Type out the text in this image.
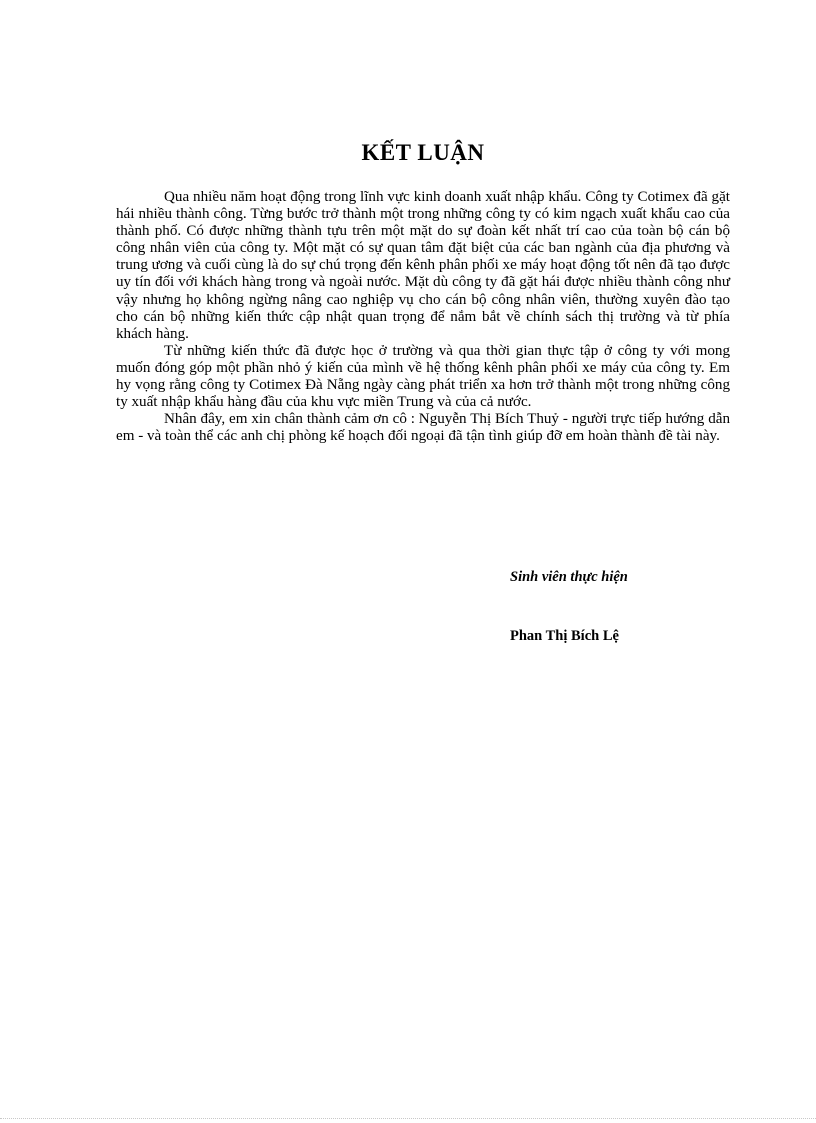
KẾT LUẬN

Qua nhiều năm hoạt động trong lĩnh vực kinh doanh xuất nhập khẩu. Công ty Cotimex đã gặt hái nhiều thành công. Từng bước trở thành một trong những công ty có kim ngạch xuất khẩu cao của thành phố. Có được những thành tựu trên một mặt do sự đoàn kết nhất trí cao của toàn bộ cán bộ công nhân viên của công ty. Một mặt có sự quan tâm đặt biệt của các ban ngành của địa phương và trung ương và cuối cùng là do sự chú trọng đến kênh phân phối xe máy hoạt động tốt nên đã tạo được uy tín đối với khách hàng trong và ngoài nước. Mặt dù công ty đã gặt hái được nhiều thành công như vậy nhưng họ không ngừng nâng cao nghiệp vụ cho cán bộ công nhân viên, thường xuyên đào tạo cho cán bộ những kiến thức cập nhật quan trọng để nắm bắt về chính sách thị trường và từ phía khách hàng.

Từ những kiến thức đã được học ở trường và qua thời gian thực tập ở công ty với mong muốn đóng góp một phần nhỏ ý kiến của mình về hệ thống kênh phân phối xe máy của công ty. Em hy vọng rằng công ty Cotimex Đà Nẵng ngày càng phát triển xa hơn trở thành một trong những công ty xuất nhập khẩu hàng đầu của khu vực miền Trung và của cả nước.

Nhân đây, em xin chân thành cảm ơn cô : Nguyễn Thị Bích Thuỷ - người trực tiếp hướng dẫn em - và toàn thể các anh chị phòng kế hoạch đối ngoại đã tận tình giúp đỡ em hoàn thành đề tài này.

Sinh viên thực hiện
Phan Thị Bích Lệ
